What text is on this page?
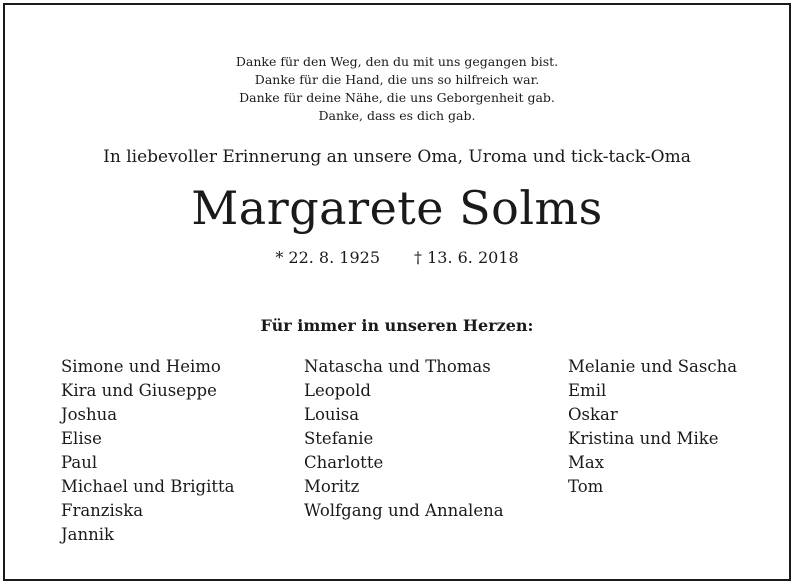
Danke für den Weg, den du mit uns gegangen bist.
Danke für die Hand, die uns so hilfreich war.
Danke für deine Nähe, die uns Geborgenheit gab.
Danke, dass es dich gab.
In liebevoller Erinnerung an unsere Oma, Uroma und tick-tack-Oma
Margarete Solms
* 22. 8. 1925 † 13. 6. 2018
Für immer in unseren Herzen:
Simone und Heimo
Kira und Giuseppe
Joshua
Elise
Paul
Michael und Brigitta
Franziska
Jannik
Natascha und Thomas
Leopold
Louisa
Stefanie
Charlotte
Moritz
Wolfgang und Annalena
Melanie und Sascha
Emil
Oskar
Kristina und Mike
Max
Tom
